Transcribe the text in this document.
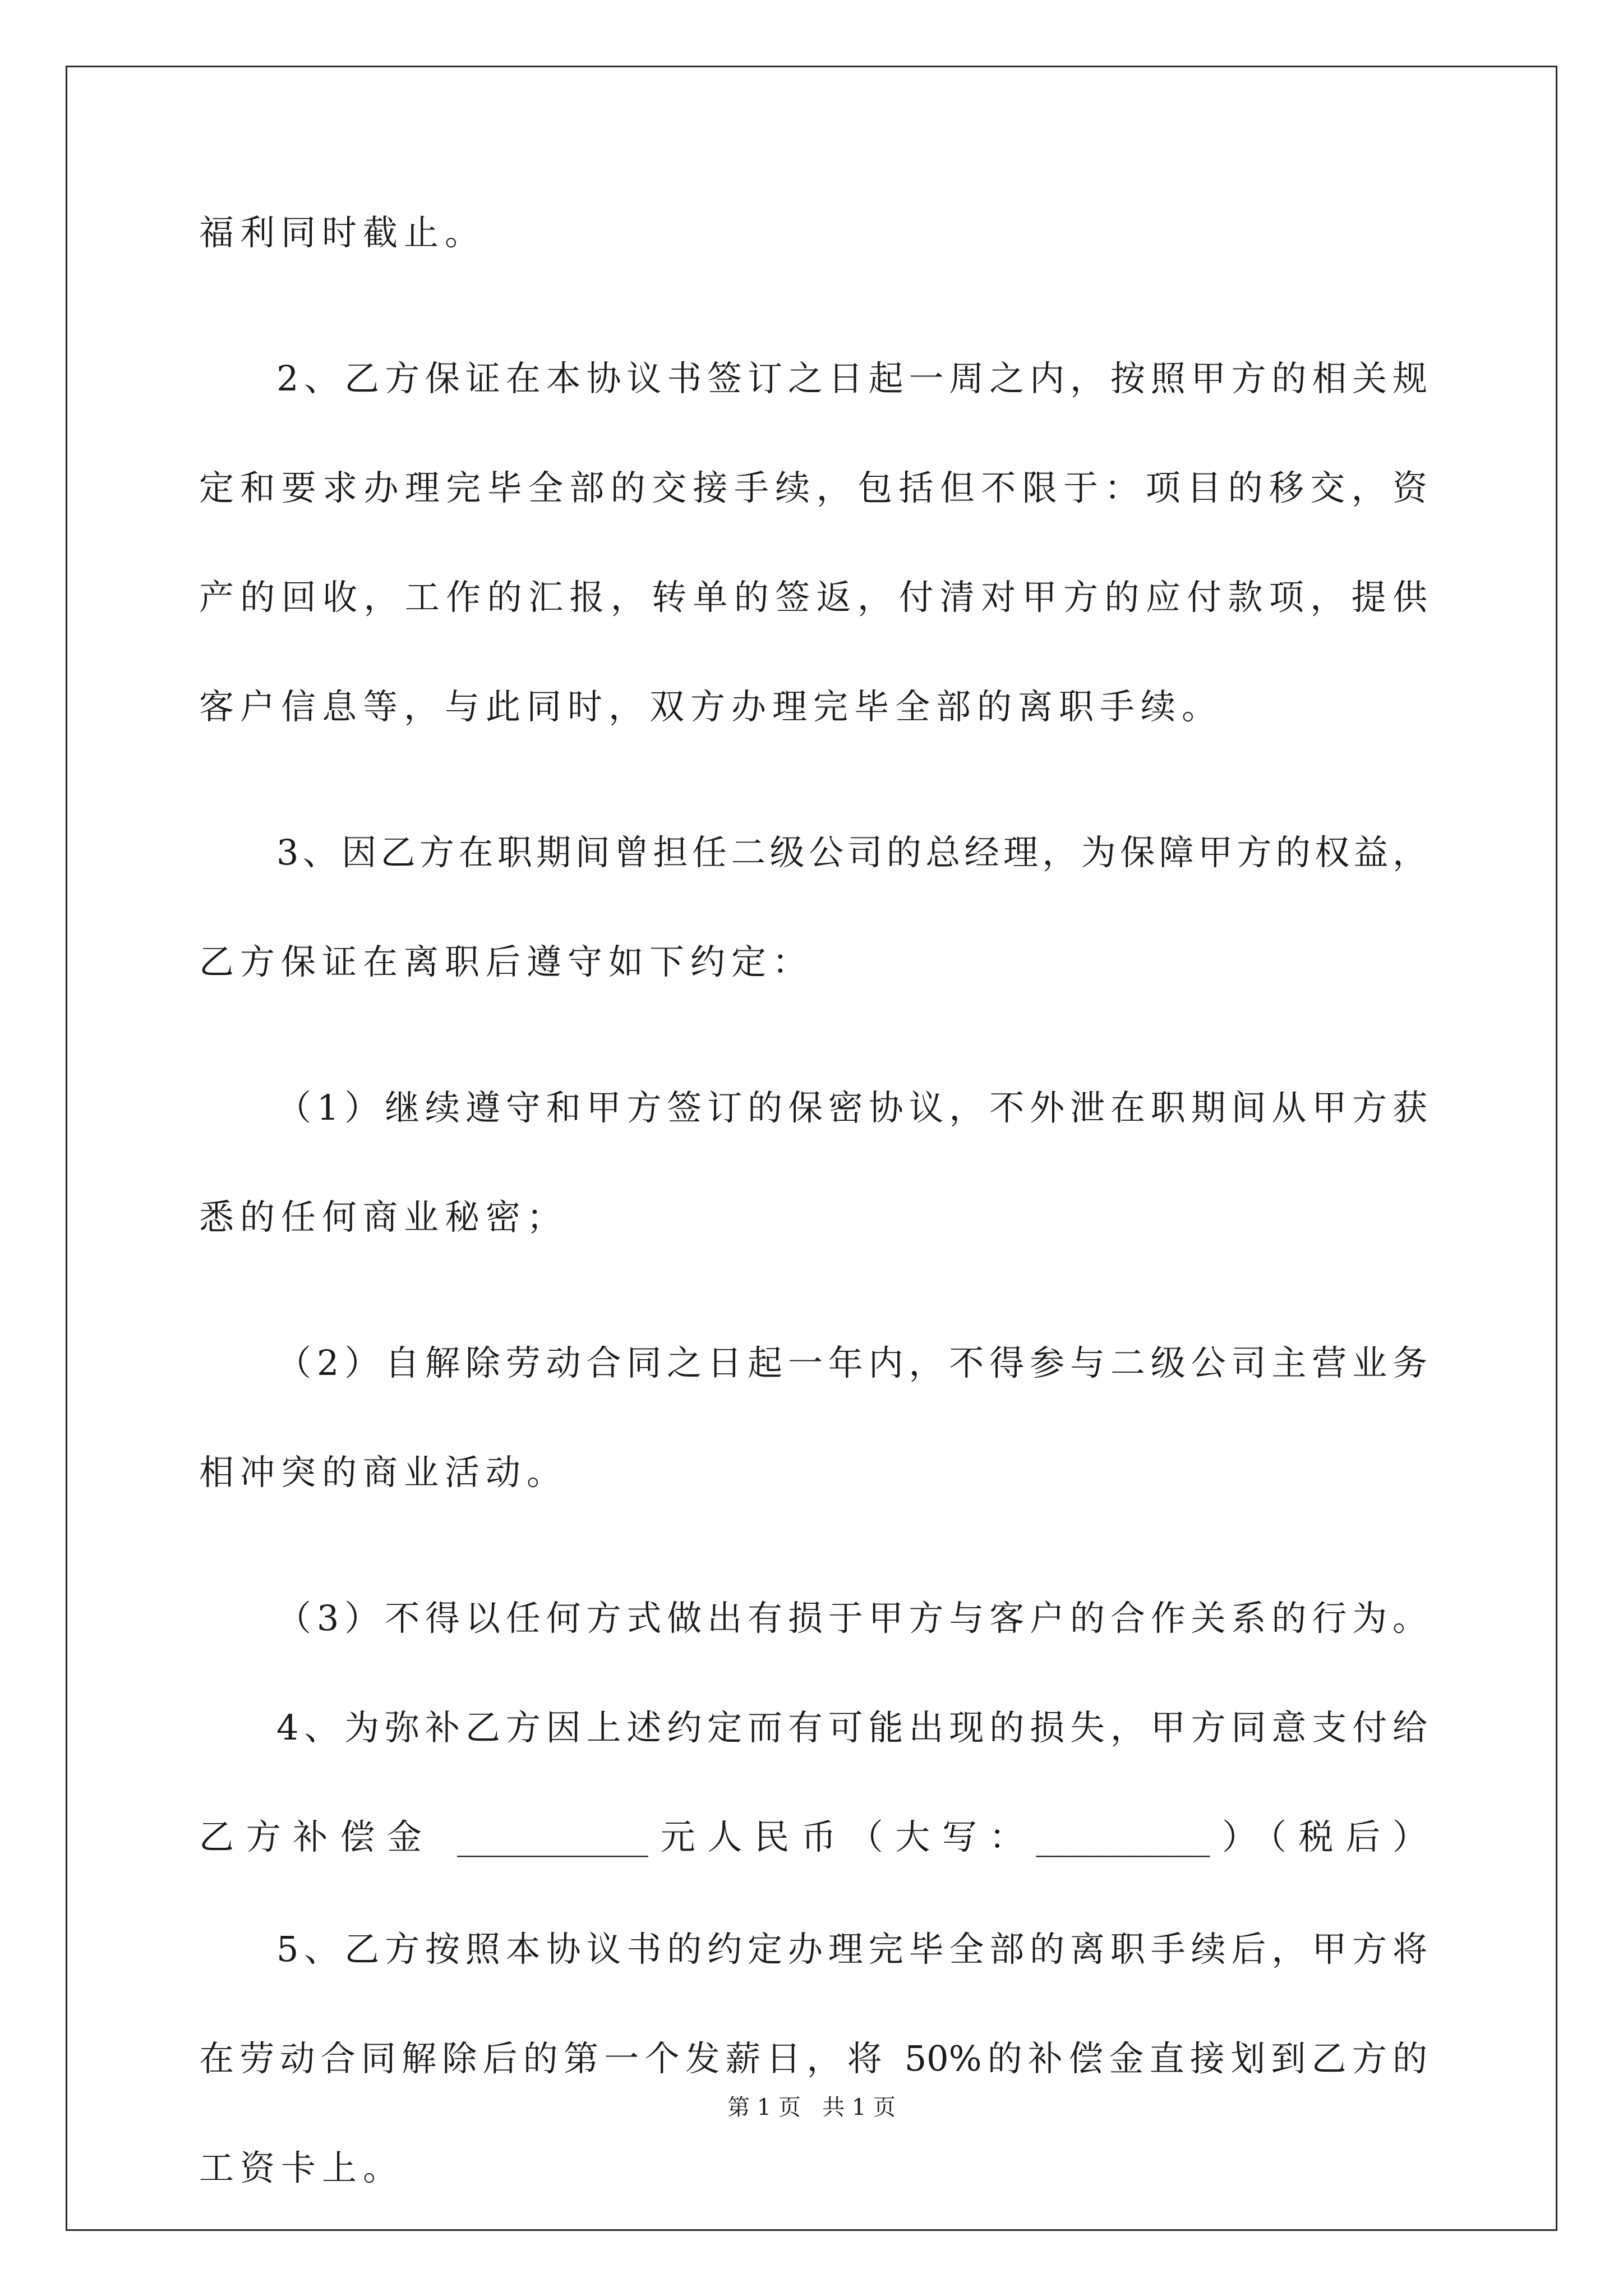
福利同时截止。
2、乙方保证在本协议书签订之日起一周之内，按照甲方的相关规
定和要求办理完毕全部的交接手续，包括但不限于：项目的移交，资
产的回收，工作的汇报，转单的签返，付清对甲方的应付款项，提供
客户信息等，与此同时，双方办理完毕全部的离职手续。
3、因乙方在职期间曾担任二级公司的总经理，为保障甲方的权益，
乙方保证在离职后遵守如下约定：
（1）继续遵守和甲方签订的保密协议，不外泄在职期间从甲方获
悉的任何商业秘密；
（2）自解除劳动合同之日起一年内，不得参与二级公司主营业务
相冲突的商业活动。
（3）不得以任何方式做出有损于甲方与客户的合作关系的行为。
4、为弥补乙方因上述约定而有可能出现的损失，甲方同意支付给
乙方补偿金 ___________元人民币（大写：__________）（税后）
5、乙方按照本协议书的约定办理完毕全部的离职手续后，甲方将
在劳动合同解除后的第一个发薪日，将 50%的补偿金直接划到乙方的
工资卡上。
第 1 页   共 1 页
